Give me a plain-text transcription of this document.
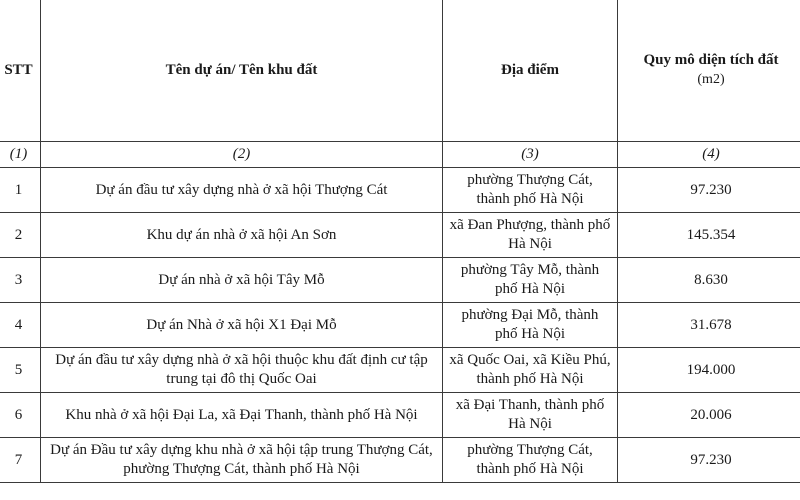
STT	Tên dự án/ Tên khu đất	Địa điểm	Quy mô diện tích đất
(m2)

(1)	(2)	(3)	(4)
1	Dự án đầu tư xây dựng nhà ở xã hội Thượng Cát	phường Thượng Cát, thành phố Hà Nội	97.230
2	Khu dự án nhà ở xã hội An Sơn	xã Đan Phượng, thành phố Hà Nội	145.354
3	Dự án nhà ở xã hội Tây Mỗ	phường Tây Mỗ, thành phố Hà Nội	8.630
4	Dự án Nhà ở xã hội X1 Đại Mỗ	phường Đại Mỗ, thành phố Hà Nội	31.678
5	Dự án đầu tư xây dựng nhà ở xã hội thuộc khu đất định cư tập trung tại đô thị Quốc Oai	xã Quốc Oai, xã Kiều Phú, thành phố Hà Nội	194.000
6	Khu nhà ở xã hội Đại La, xã Đại Thanh, thành phố Hà Nội	xã Đại Thanh, thành phố Hà Nội	20.006
7	Dự án Đầu tư xây dựng khu nhà ở xã hội tập trung Thượng Cát, phường Thượng Cát, thành phố Hà Nội	phường Thượng Cát, thành phố Hà Nội	97.230
